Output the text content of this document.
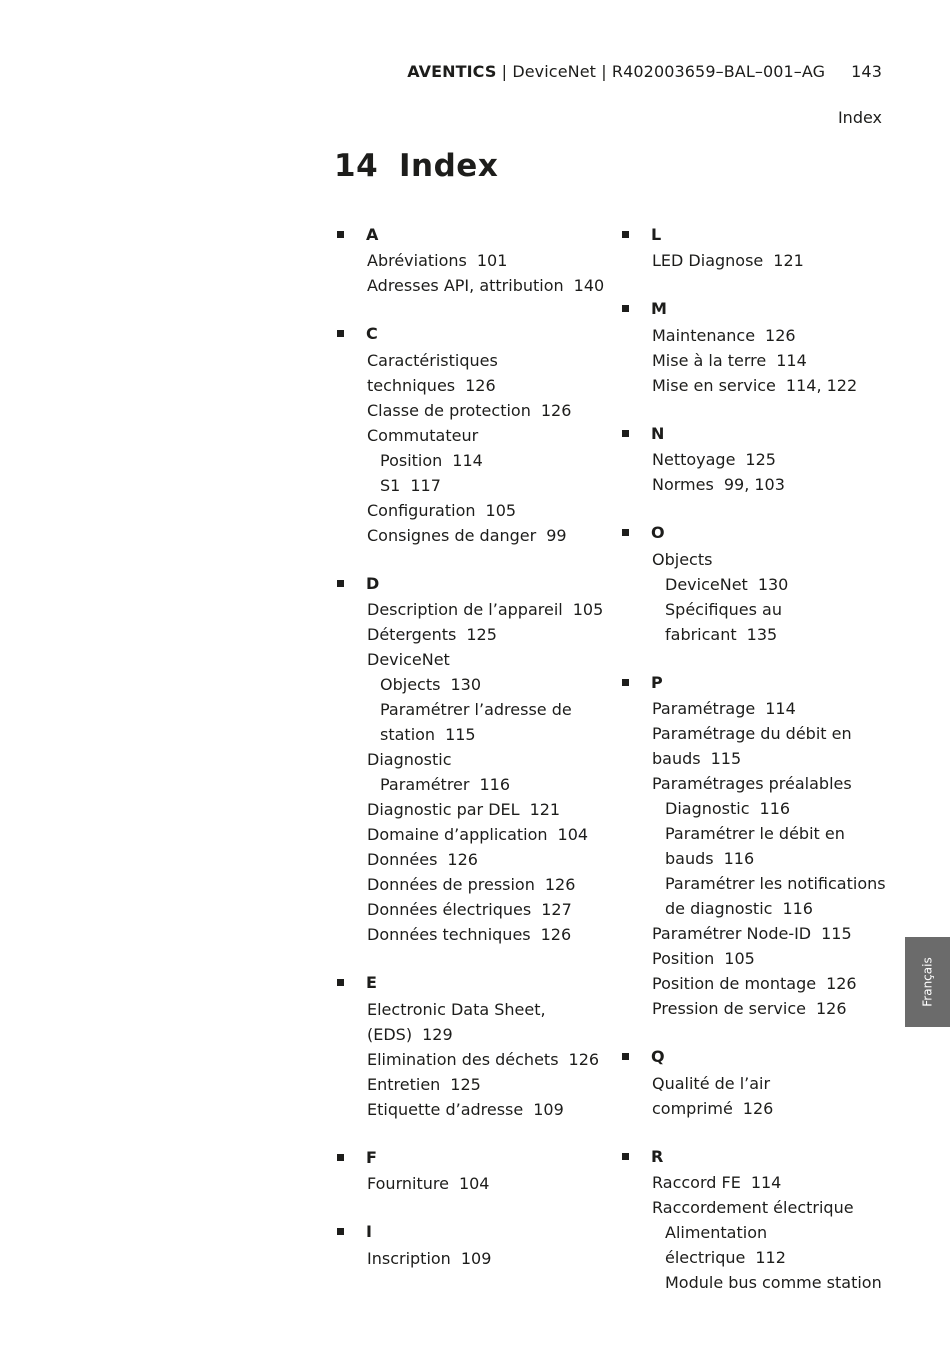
AVENTICS | DeviceNet | R402003659–BAL–001–AG 143
Index
14 Index
A
Abréviations 101
Adresses API, attribution 140
C
Caractéristiques
techniques 126
Classe de protection 126
Commutateur
Position 114
S1 117
Configuration 105
Consignes de danger 99
D
Description de l’appareil 105
Détergents 125
DeviceNet
Objects 130
Paramétrer l’adresse de
station 115
Diagnostic
Paramétrer 116
Diagnostic par DEL 121
Domaine d’application 104
Données 126
Données de pression 126
Données électriques 127
Données techniques 126
E
Electronic Data Sheet,
(EDS) 129
Elimination des déchets 126
Entretien 125
Etiquette d’adresse 109
F
Fourniture 104
I
Inscription 109
L
LED Diagnose 121
M
Maintenance 126
Mise à la terre 114
Mise en service 114, 122
N
Nettoyage 125
Normes 99, 103
O
Objects
DeviceNet 130
Spécifiques au
fabricant 135
P
Paramétrage 114
Paramétrage du débit en
bauds 115
Paramétrages préalables
Diagnostic 116
Paramétrer le débit en
bauds 116
Paramétrer les notifications
de diagnostic 116
Paramétrer Node-ID 115
Position 105
Position de montage 126
Pression de service 126
Q
Qualité de l’air
comprimé 126
R
Raccord FE 114
Raccordement électrique
Alimentation
électrique 112
Module bus comme station
Français
